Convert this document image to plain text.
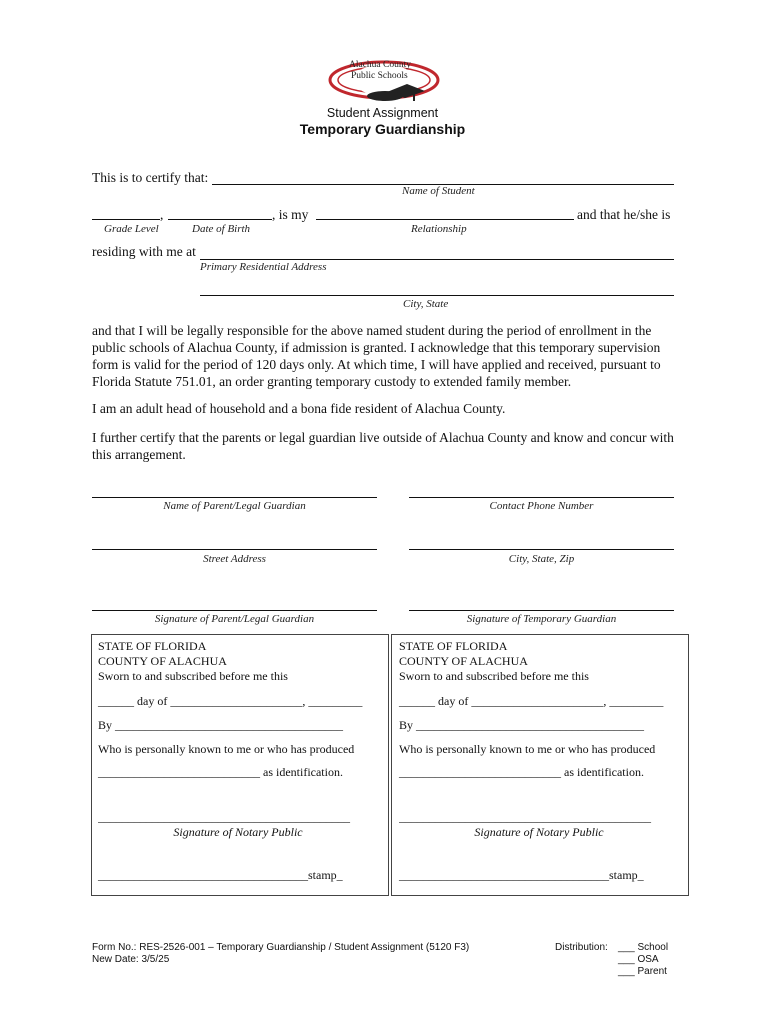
Alachua County
Public Schools
Student Assignment
Temporary Guardianship
This is to certify that:
Name of Student
,	, is my	and that he/she is
Grade Level	Date of Birth	Relationship
residing with me at
Primary Residential Address
City, State
and that I will be legally responsible for the above named student during the period of enrollment in the public schools of Alachua County, if admission is granted. I acknowledge that this temporary supervision form is valid for the period of 120 days only. At which time, I will have applied and received, pursuant to Florida Statute 751.01, an order granting temporary custody to extended family member.
I am an adult head of household and a bona fide resident of Alachua County.
I further certify that the parents or legal guardian live outside of Alachua County and know and concur with this arrangement.
Name of Parent/Legal Guardian	Contact Phone Number
Street Address	City, State, Zip
Signature of Parent/Legal Guardian	Signature of Temporary Guardian
STATE OF FLORIDA
COUNTY OF ALACHUA
Sworn to and subscribed before me this
______ day of ______________________, _________
By ______________________________________
Who is personally known to me or who has produced
___________________________ as identification.
__________________________________________
Signature of Notary Public
___________________________________stamp_
STATE OF FLORIDA
COUNTY OF ALACHUA
Sworn to and subscribed before me this
______ day of ______________________, _________
By ______________________________________
Who is personally known to me or who has produced
___________________________ as identification.
__________________________________________
Signature of Notary Public
___________________________________stamp_
Form No.: RES-2526-001 – Temporary Guardianship / Student Assignment (5120 F3)
New Date: 3/5/25
Distribution: ___ School
___ OSA
___ Parent
